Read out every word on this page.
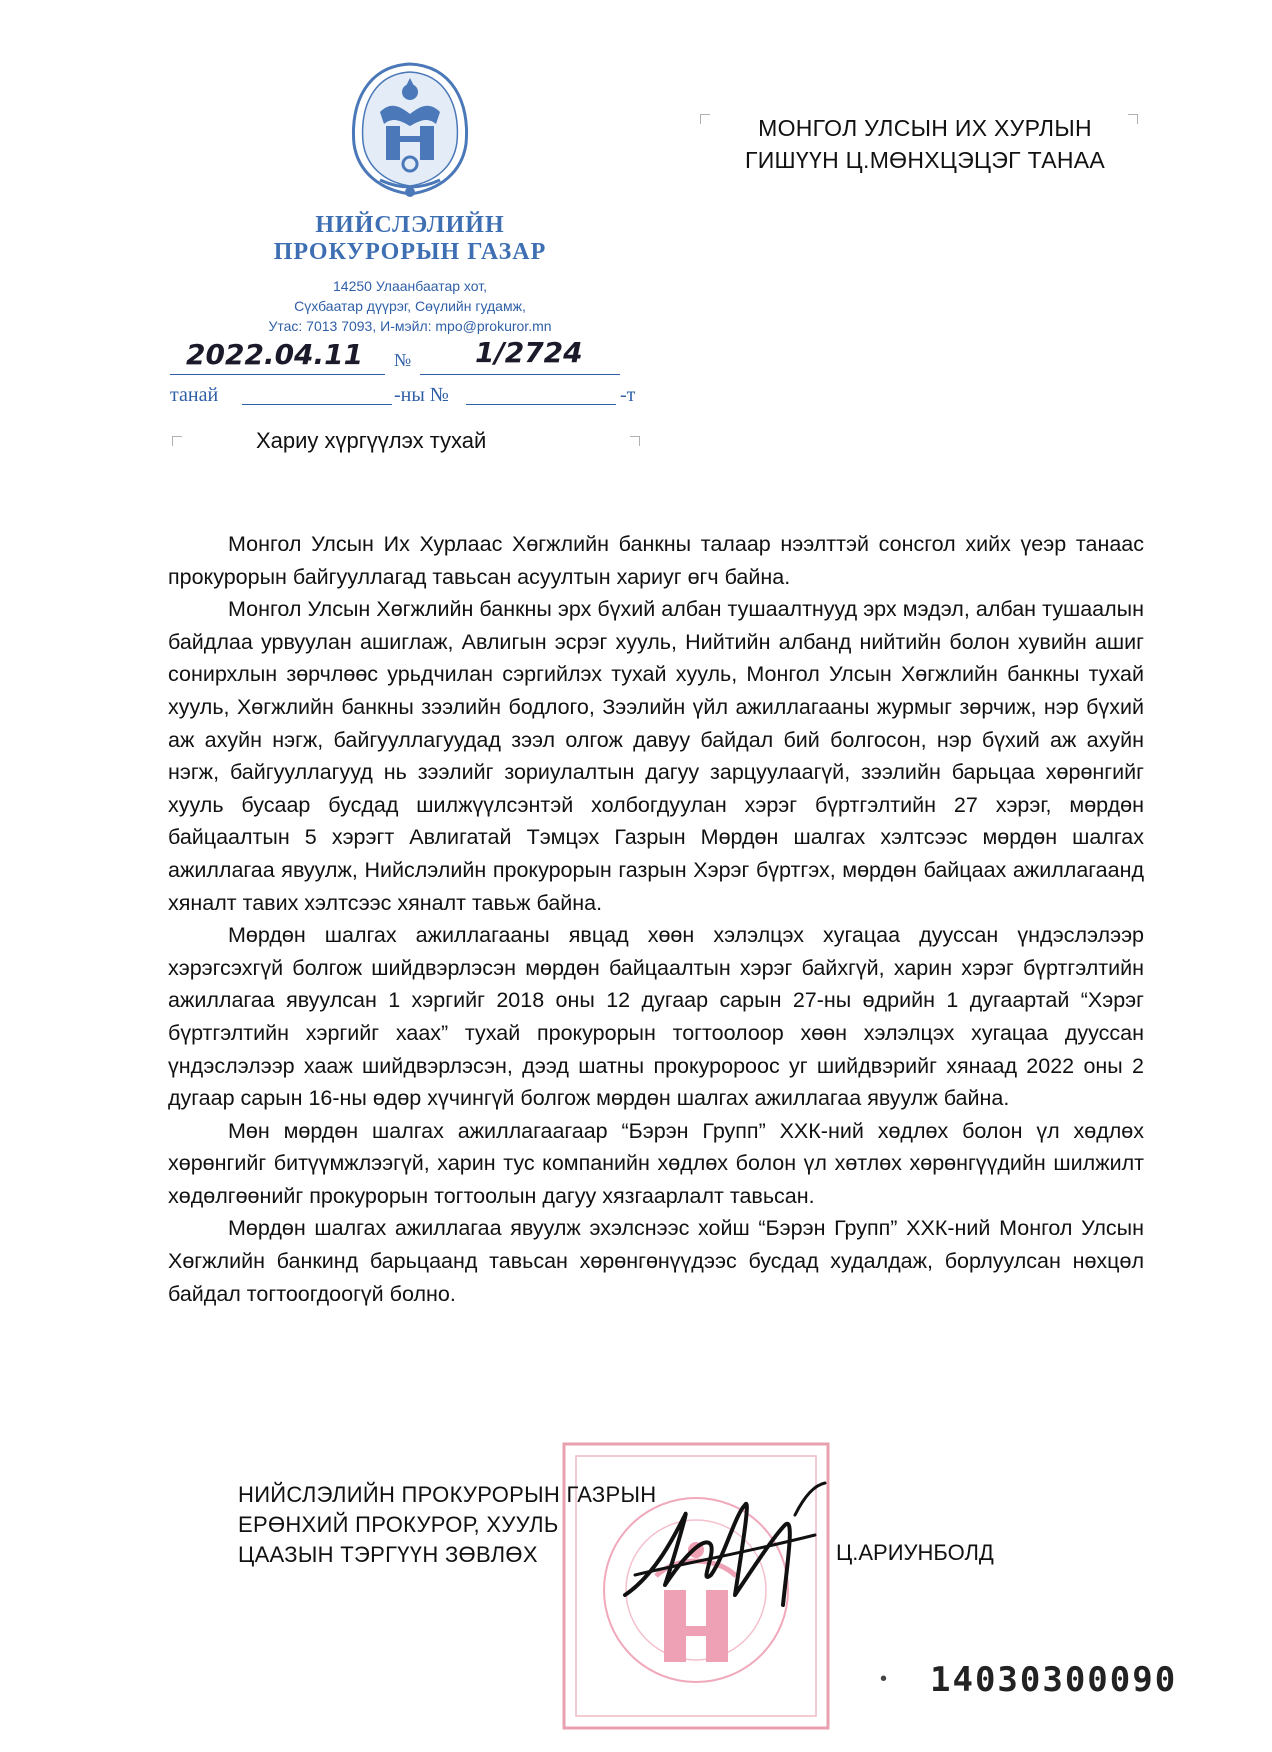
НИЙСЛЭЛИЙН
ПРОКУРОРЫН ГАЗАР
14250 Улаанбаатар хот,
Сүхбаатар дүүрэг, Сөүлийн гудамж,
Утас: 7013 7093, И-мэйл: mpo@prokuror.mn
2022.04.11 № 1/2724
танай	-ны №	-т
Хариу хүргүүлэх тухай
МОНГОЛ УЛСЫН ИХ ХУРЛЫН
ГИШҮҮН Ц.МӨНХЦЭЦЭГ ТАНАА

Монгол Улсын Их Хурлаас Хөгжлийн банкны талаар нээлттэй сонсгол хийх үеэр танаас прокурорын байгууллагад тавьсан асуултын хариуг өгч байна.

Монгол Улсын Хөгжлийн банкны эрх бүхий албан тушаалтнууд эрх мэдэл, албан тушаалын байдлаа урвуулан ашиглаж, Авлигын эсрэг хууль, Нийтийн албанд нийтийн болон хувийн ашиг сонирхлын зөрчлөөс урьдчилан сэргийлэх тухай хууль, Монгол Улсын Хөгжлийн банкны тухай хууль, Хөгжлийн банкны зээлийн бодлого, Зээлийн үйл ажиллагааны журмыг зөрчиж, нэр бүхий аж ахуйн нэгж, байгууллагуудад зээл олгож давуу байдал бий болгосон, нэр бүхий аж ахуйн нэгж, байгууллагууд нь зээлийг зориулалтын дагуу зарцуулаагүй, зээлийн барьцаа хөрөнгийг хууль бусаар бусдад шилжүүлсэнтэй холбогдуулан хэрэг бүртгэлтийн 27 хэрэг, мөрдөн байцаалтын 5 хэрэгт Авлигатай Тэмцэх Газрын Мөрдөн шалгах хэлтсээс мөрдөн шалгах ажиллагаа явуулж, Нийслэлийн прокурорын газрын Хэрэг бүртгэх, мөрдөн байцаах ажиллагаанд хяналт тавих хэлтсээс хяналт тавьж байна.

Мөрдөн шалгах ажиллагааны явцад хөөн хэлэлцэх хугацаа дууссан үндэслэлээр хэрэгсэхгүй болгож шийдвэрлэсэн мөрдөн байцаалтын хэрэг байхгүй, харин хэрэг бүртгэлтийн ажиллагаа явуулсан 1 хэргийг 2018 оны 12 дугаар сарын 27-ны өдрийн 1 дугаартай “Хэрэг бүртгэлтийн хэргийг хаах” тухай прокурорын тогтоолоор хөөн хэлэлцэх хугацаа дууссан үндэслэлээр хааж шийдвэрлэсэн, дээд шатны прокуророос уг шийдвэрийг хянаад 2022 оны 2 дугаар сарын 16-ны өдөр хүчингүй болгож мөрдөн шалгах ажиллагаа явуулж байна.

Мөн мөрдөн шалгах ажиллагаагаар “Бэрэн Групп” ХХК-ний хөдлөх болон үл хөдлөх хөрөнгийг битүүмжлээгүй, харин тус компанийн хөдлөх болон үл хөтлөх хөрөнгүүдийн шилжилт хөдөлгөөнийг прокурорын тогтоолын дагуу хязгаарлалт тавьсан.

Мөрдөн шалгах ажиллагаа явуулж эхэлснээс хойш “Бэрэн Групп” ХХК-ний Монгол Улсын Хөгжлийн банкинд барьцаанд тавьсан хөрөнгөнүүдээс бусдад худалдаж, борлуулсан нөхцөл байдал тогтоогдоогүй болно.

НИЙСЛЭЛИЙН ПРОКУРОРЫН ГАЗРЫН
ЕРӨНХИЙ ПРОКУРОР, ХУУЛЬ
ЦААЗЫН ТЭРГҮҮН ЗӨВЛӨХ	Ц.АРИУНБОЛД
• 14030300090
